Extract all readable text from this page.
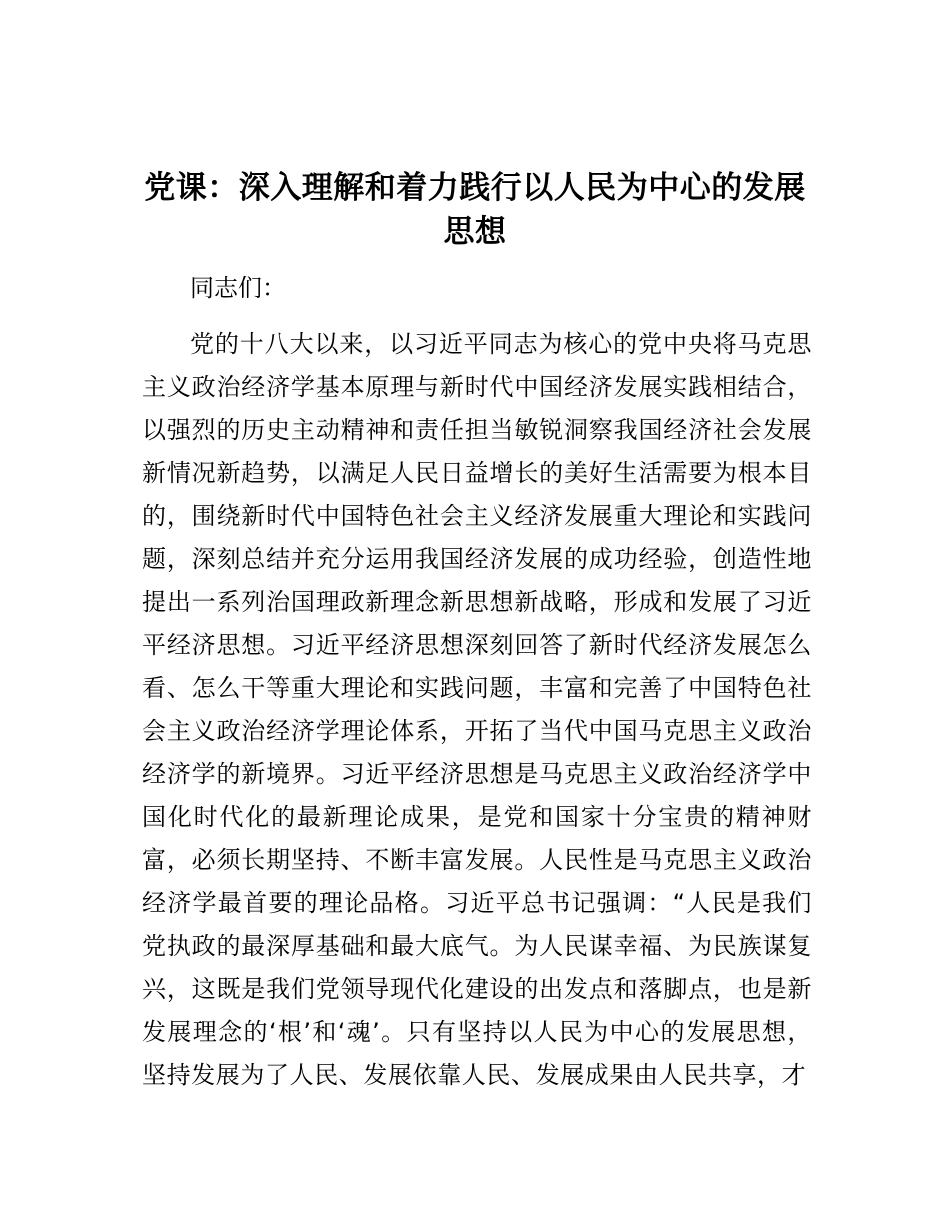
党课：深入理解和着力践行以人民为中心的发展思想
同志们：
党的十八大以来，以习近平同志为核心的党中央将马克思主义政治经济学基本原理与新时代中国经济发展实践相结合，以强烈的历史主动精神和责任担当敏锐洞察我国经济社会发展新情况新趋势，以满足人民日益增长的美好生活需要为根本目的，围绕新时代中国特色社会主义经济发展重大理论和实践问题，深刻总结并充分运用我国经济发展的成功经验，创造性地提出一系列治国理政新理念新思想新战略，形成和发展了习近平经济思想。习近平经济思想深刻回答了新时代经济发展怎么看、怎么干等重大理论和实践问题，丰富和完善了中国特色社会主义政治经济学理论体系，开拓了当代中国马克思主义政治经济学的新境界。习近平经济思想是马克思主义政治经济学中国化时代化的最新理论成果，是党和国家十分宝贵的精神财富，必须长期坚持、不断丰富发展。人民性是马克思主义政治经济学最首要的理论品格。习近平总书记强调：“人民是我们党执政的最深厚基础和最大底气。为人民谋幸福、为民族谋复兴，这既是我们党领导现代化建设的出发点和落脚点，也是新发展理念的‘根’和‘魂’。只有坚持以人民为中心的发展思想，坚持发展为了人民、发展依靠人民、发展成果由人民共享，才
